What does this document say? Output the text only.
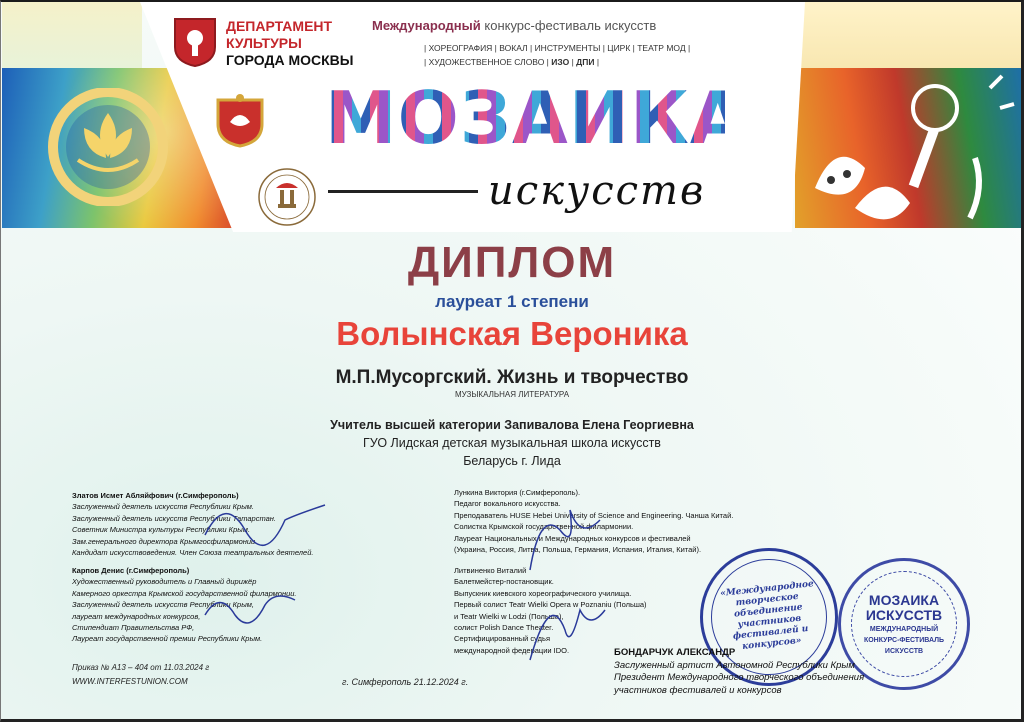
ДЕПАРТАМЕНТ
КУЛЬТУРЫ
ГОРОДА МОСКВЫ
Международный конкурс-фестиваль искусств
| ХОРЕОГРАФИЯ | ВОКАЛ | ИНСТРУМЕНТЫ | ЦИРК | ТЕАТР МОД |
| ХУДОЖЕСТВЕННОЕ СЛОВО | ИЗО | ДПИ |
МОЗАИКА
искусств
ДИПЛОМ
лауреат 1 степени
Волынская Вероника
М.П.Мусоргский. Жизнь и творчество
МУЗЫКАЛЬНАЯ ЛИТЕРАТУРА
Учитель высшей категории Запивалова Елена Георгиевна
ГУО Лидская детская музыкальная школа искусств
Беларусь г. Лида
Златов Исмет Абляйфович (г.Симферополь)
Заслуженный деятель искусств Республики Крым.
Заслуженный деятель искусств Республики Татарстан.
Советник Министра культуры Республики Крым.
Зам.генерального директора Крымгосфилармонии.
Кандидат искусствоведения. Член Союза театральных деятелей.
Карпов Денис (г.Симферополь)
Художественный руководитель и Главный дирижёр
Камерного оркестра Крымской государственной филармонии.
Заслуженный деятель искусств Республики Крым,
лауреат международных конкурсов,
Стипендиат Правительства РФ,
Лауреат государственной премии Республики Крым.
Лункина Виктория (г.Симферополь).
Педагог вокального искусства.
Преподаватель HUSE Hebei University of Science and Engineering. Чанша Китай.
Солистка Крымской государственной филармонии.
Лауреат Национальных и Международных конкурсов и фестивалей
(Украина, Россия, Литва, Польша, Германия, Испания, Италия, Китай).
Литвиненко Виталий
Балетмейстер-постановщик.
Выпускник киевского хореографического училища.
Первый солист Teatr Wielki Opera w Poznaniu (Польша)
и Teatr Wielki w Lodzi (Польша),
солист Polish Dance Theater.
Сертифицированный судья
международной федерации IDO.
«Международное творческое объединение участников фестивалей и конкурсов»
МОЗАИКА
ИСКУССТВ
МЕЖДУНАРОДНЫЙ
КОНКУРС-ФЕСТИВАЛЬ
ИСКУССТВ
Приказ № А13 – 404 от 11.03.2024 г
WWW.INTERFESTUNION.COM	г. Симферополь 21.12.2024 г.
БОНДАРЧУК АЛЕКСАНДР
Заслуженный артист Автономной Республики Крым
Президент Международного творческого объединения
участников фестивалей и конкурсов
